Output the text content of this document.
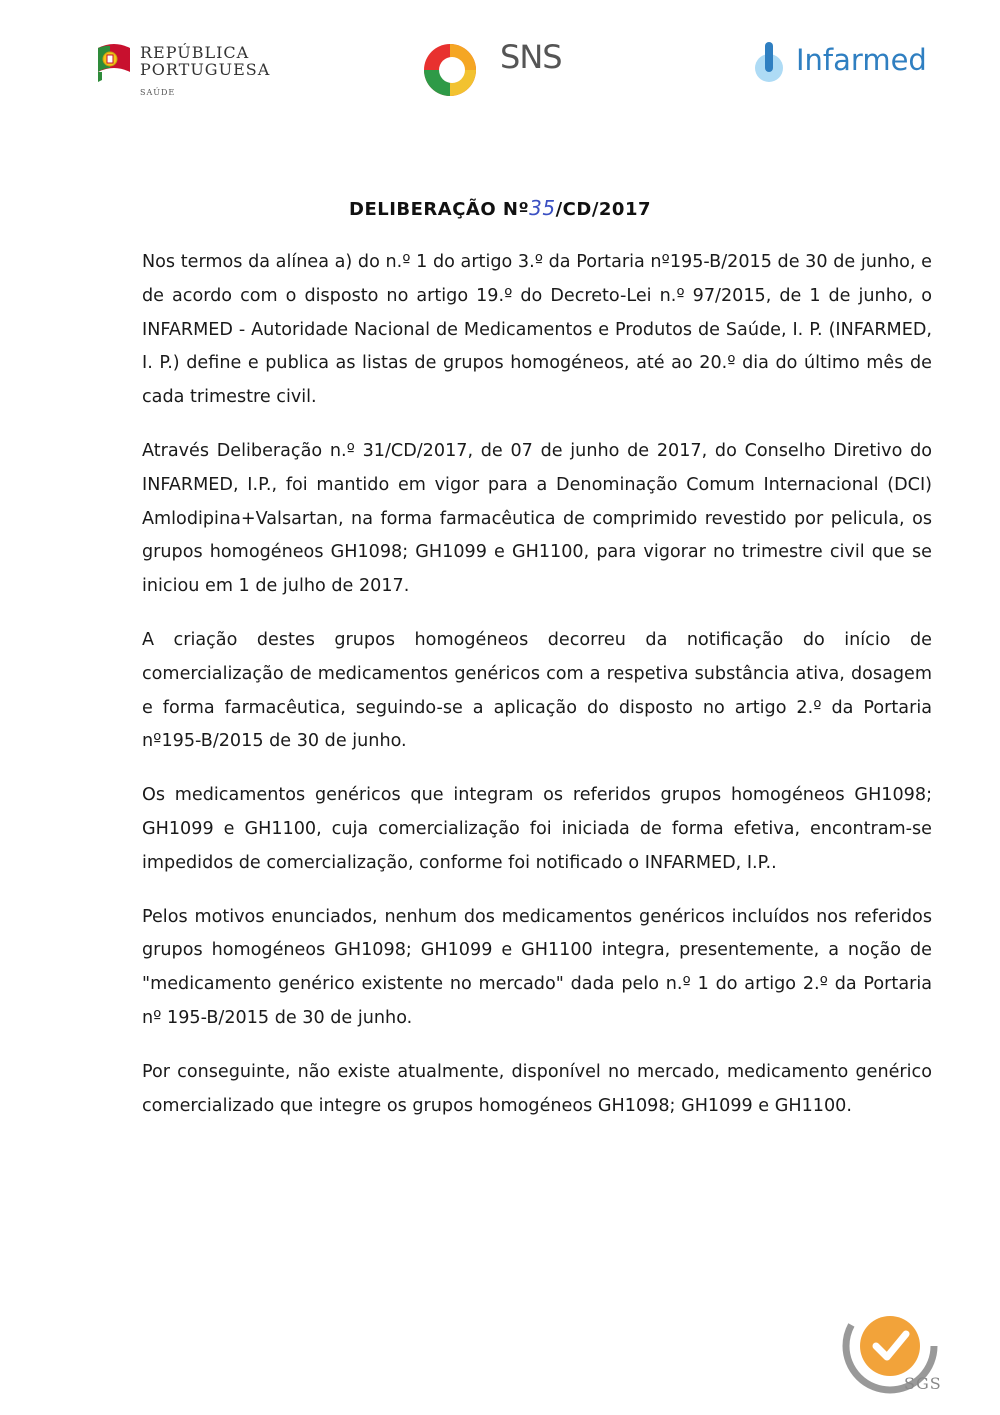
REPÚBLICA
PORTUGUESA
SAÚDE
SNS	Infarmed
DELIBERAÇÃO Nº35/CD/2017

Nos termos da alínea a) do n.º 1 do artigo 3.º da Portaria nº195-B/2015 de 30 de junho, e de acordo com o disposto no artigo 19.º do Decreto-Lei n.º 97/2015, de 1 de junho, o INFARMED - Autoridade Nacional de Medicamentos e Produtos de Saúde, I. P. (INFARMED, I. P.) define e publica as listas de grupos homogéneos, até ao 20.º dia do último mês de cada trimestre civil.

Através Deliberação n.º 31/CD/2017, de 07 de junho de 2017, do Conselho Diretivo do INFARMED, I.P., foi mantido em vigor para a Denominação Comum Internacional (DCI) Amlodipina+Valsartan, na forma farmacêutica de comprimido revestido por pelicula, os grupos homogéneos GH1098; GH1099 e GH1100, para vigorar no trimestre civil que se iniciou em 1 de julho de 2017.

A criação destes grupos homogéneos decorreu da notificação do início de comercialização de medicamentos genéricos com a respetiva substância ativa, dosagem e forma farmacêutica, seguindo-se a aplicação do disposto no artigo 2.º da Portaria nº195-B/2015 de 30 de junho.

Os medicamentos genéricos que integram os referidos grupos homogéneos GH1098; GH1099 e GH1100, cuja comercialização foi iniciada de forma efetiva, encontram-se impedidos de comercialização, conforme foi notificado o INFARMED, I.P..

Pelos motivos enunciados, nenhum dos medicamentos genéricos incluídos nos referidos grupos homogéneos GH1098; GH1099 e GH1100 integra, presentemente, a noção de "medicamento genérico existente no mercado" dada pelo n.º 1 do artigo 2.º da Portaria nº 195-B/2015 de 30 de junho.

Por conseguinte, não existe atualmente, disponível no mercado, medicamento genérico comercializado que integre os grupos homogéneos GH1098; GH1099 e GH1100.

SGS
